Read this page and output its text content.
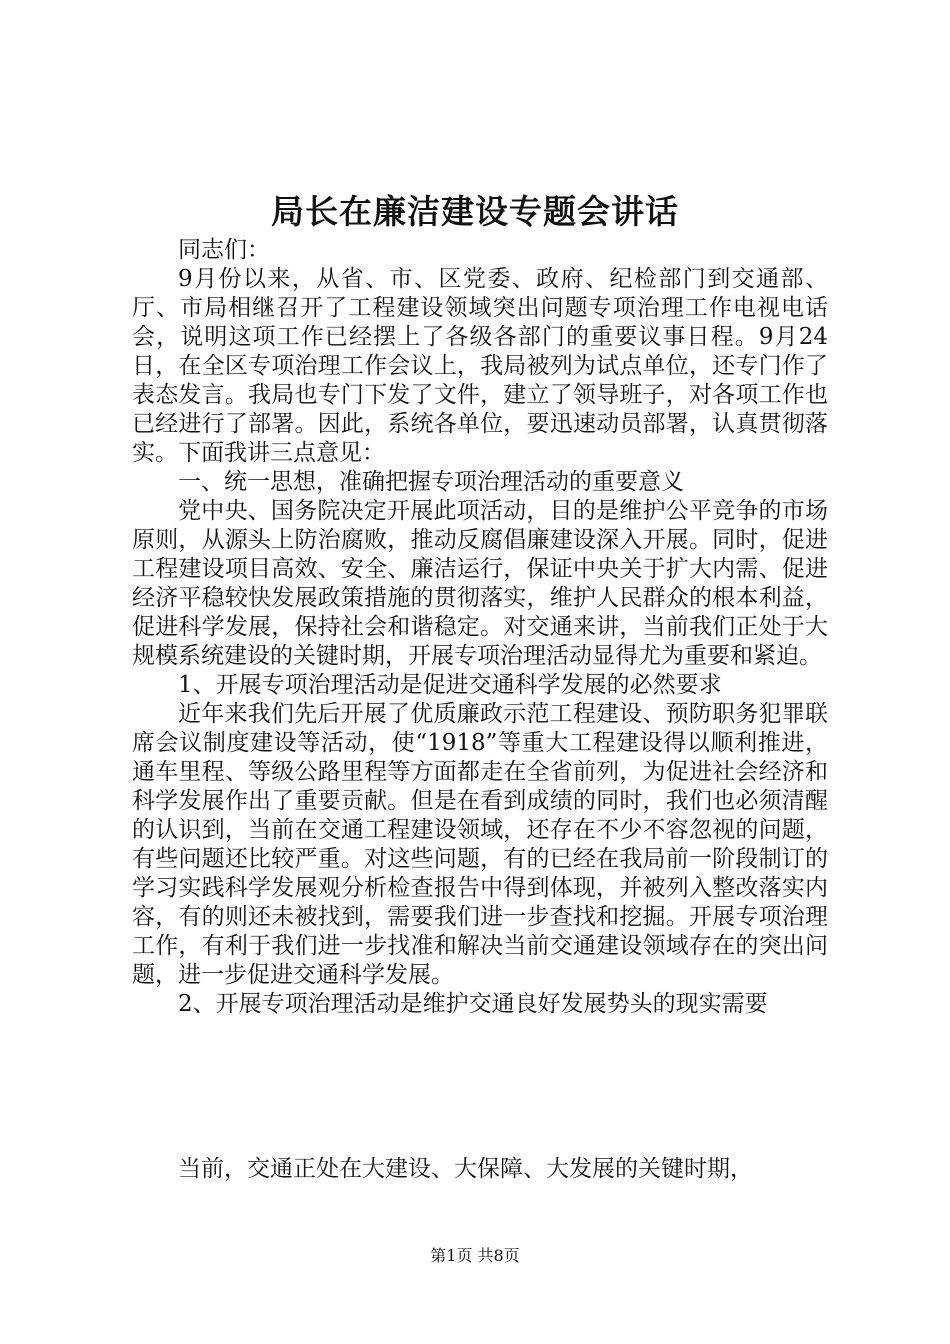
局长在廉洁建设专题会讲话

同志们：

9月份以来，从省、市、区党委、政府、纪检部门到交通部、厅、市局相继召开了工程建设领域突出问题专项治理工作电视电话会，说明这项工作已经摆上了各级各部门的重要议事日程。9月24日，在全区专项治理工作会议上，我局被列为试点单位，还专门作了表态发言。我局也专门下发了文件，建立了领导班子，对各项工作也已经进行了部署。因此，系统各单位，要迅速动员部署，认真贯彻落实。下面我讲三点意见：

一、统一思想，准确把握专项治理活动的重要意义

党中央、国务院决定开展此项活动，目的是维护公平竞争的市场原则，从源头上防治腐败，推动反腐倡廉建设深入开展。同时，促进工程建设项目高效、安全、廉洁运行，保证中央关于扩大内需、促进经济平稳较快发展政策措施的贯彻落实，维护人民群众的根本利益，促进科学发展，保持社会和谐稳定。对交通来讲，当前我们正处于大规模系统建设的关键时期，开展专项治理活动显得尤为重要和紧迫。

1、开展专项治理活动是促进交通科学发展的必然要求

近年来我们先后开展了优质廉政示范工程建设、预防职务犯罪联席会议制度建设等活动，使“1918”等重大工程建设得以顺利推进，通车里程、等级公路里程等方面都走在全省前列，为促进社会经济和科学发展作出了重要贡献。但是在看到成绩的同时，我们也必须清醒的认识到，当前在交通工程建设领域，还存在不少不容忽视的问题，有些问题还比较严重。对这些问题，有的已经在我局前一阶段制订的学习实践科学发展观分析检查报告中得到体现，并被列入整改落实内容，有的则还未被找到，需要我们进一步查找和挖掘。开展专项治理工作，有利于我们进一步找准和解决当前交通建设领域存在的突出问题，进一步促进交通科学发展。

2、开展专项治理活动是维护交通良好发展势头的现实需要

当前，交通正处在大建设、大保障、大发展的关键时期，

第1页 共8页
